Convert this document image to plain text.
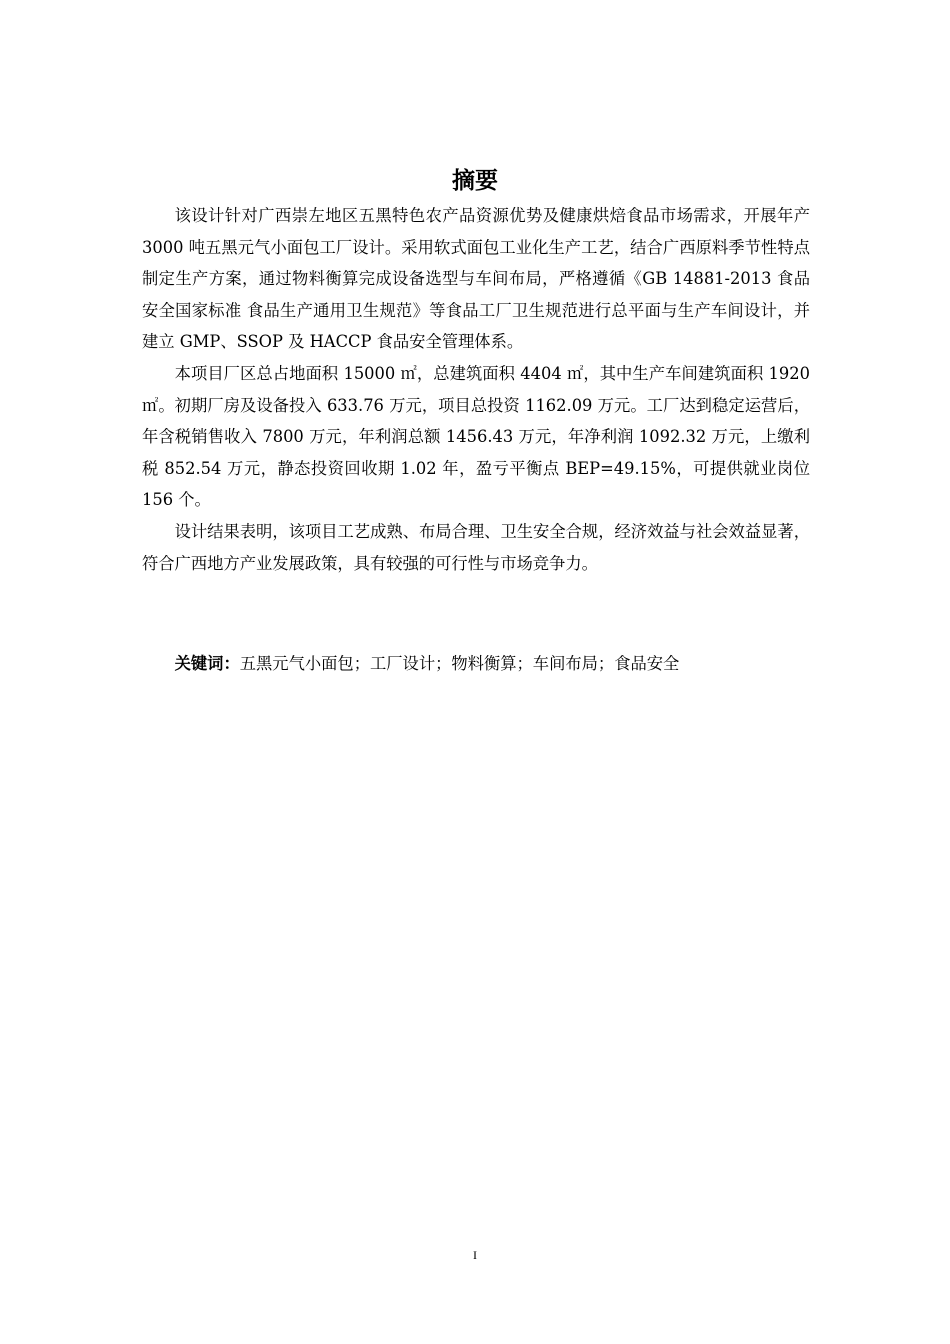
摘要

该设计针对广西崇左地区五黑特色农产品资源优势及健康烘焙食品市场需求，开展年产 3000 吨五黑元气小面包工厂设计。采用软式面包工业化生产工艺，结合广西原料季节性特点制定生产方案，通过物料衡算完成设备选型与车间布局，严格遵循《GB 14881-2013 食品安全国家标准 食品生产通用卫生规范》等食品工厂卫生规范进行总平面与生产车间设计，并建立 GMP、SSOP 及 HACCP 食品安全管理体系。

本项目厂区总占地面积 15000 ㎡，总建筑面积 4404 ㎡，其中生产车间建筑面积 1920 ㎡。初期厂房及设备投入 633.76 万元，项目总投资 1162.09 万元。工厂达到稳定运营后，年含税销售收入 7800 万元，年利润总额 1456.43 万元，年净利润 1092.32 万元，上缴利税 852.54 万元，静态投资回收期 1.02 年，盈亏平衡点 BEP=49.15%，可提供就业岗位 156 个。

设计结果表明，该项目工艺成熟、布局合理、卫生安全合规，经济效益与社会效益显著，符合广西地方产业发展政策，具有较强的可行性与市场竞争力。

关键词：五黑元气小面包；工厂设计；物料衡算；车间布局；食品安全

I
